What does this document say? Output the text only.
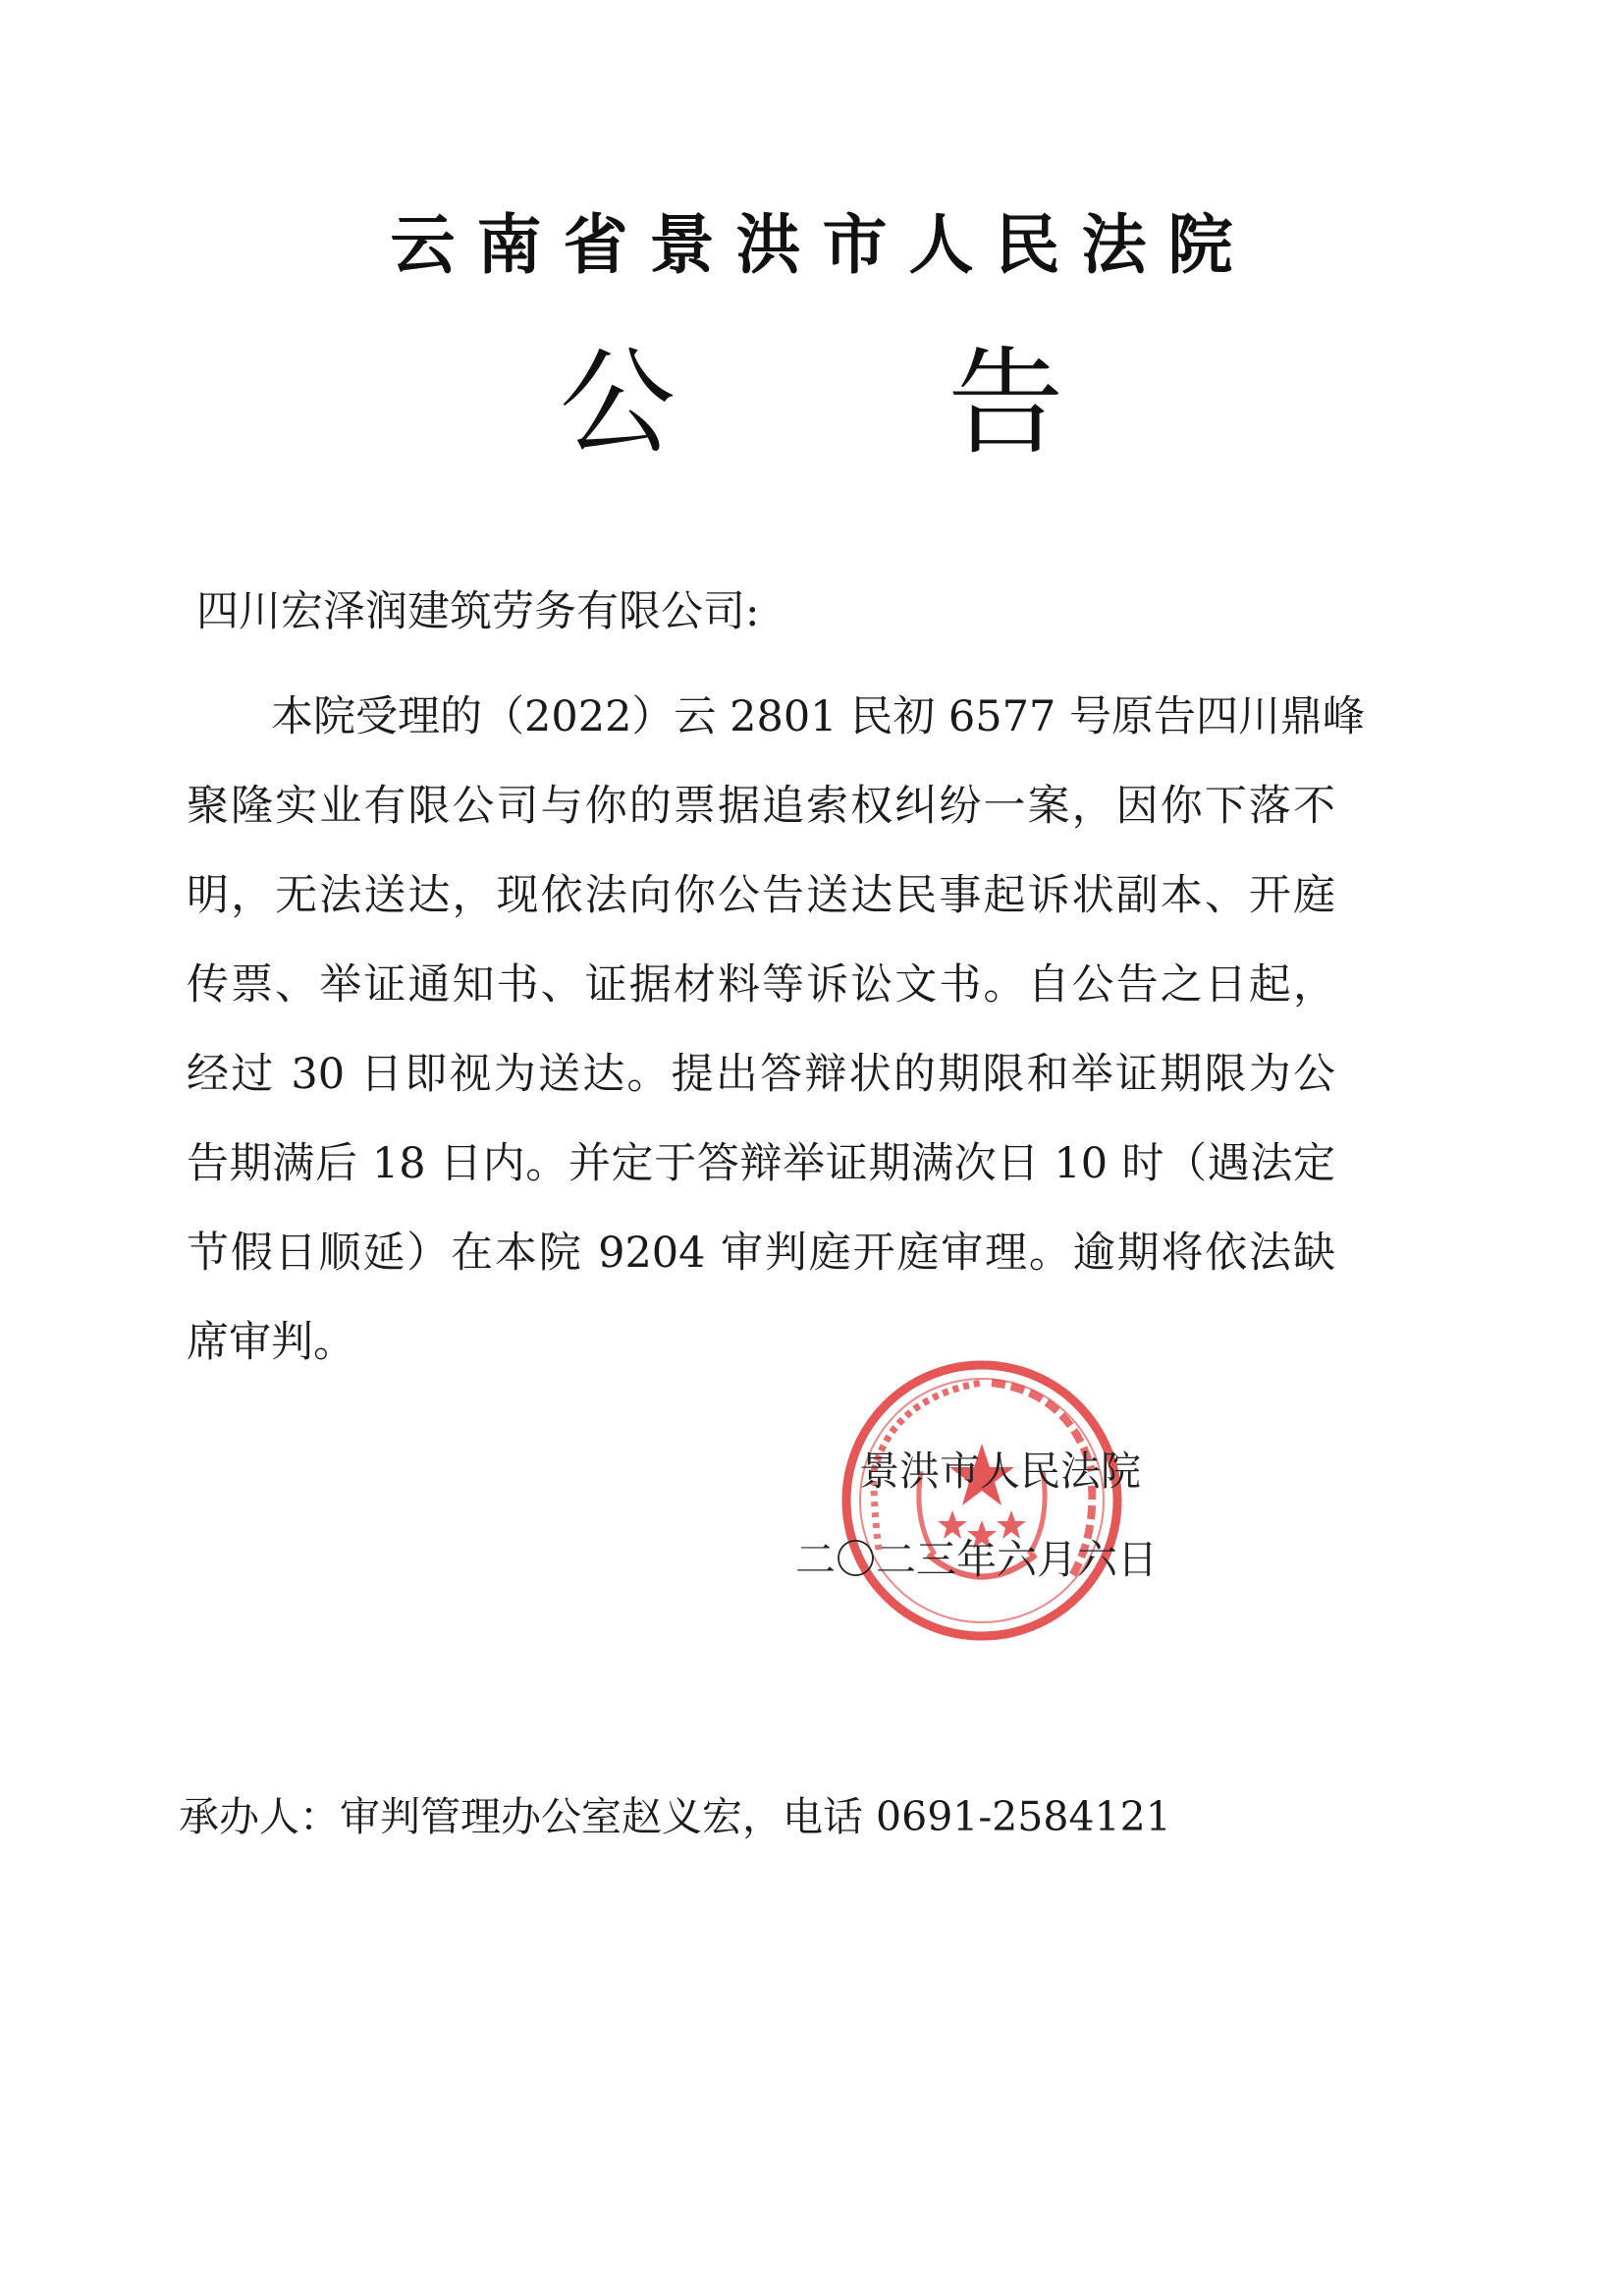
云南省景洪市人民法院
公 告
四川宏泽润建筑劳务有限公司:
　　本院受理的（2022）云 2801 民初 6577 号原告四川鼎峰
聚隆实业有限公司与你的票据追索权纠纷一案，因你下落不
明，无法送达，现依法向你公告送达民事起诉状副本、开庭
传票、举证通知书、证据材料等诉讼文书。自公告之日起，
经过 30 日即视为送达。提出答辩状的期限和举证期限为公
告期满后 18 日内。并定于答辩举证期满次日 10 时（遇法定
节假日顺延）在本院 9204 审判庭开庭审理。逾期将依法缺
席审判。
景洪市人民法院
二〇二三年六月六日
承办人：审判管理办公室赵义宏，电话 0691-2584121
